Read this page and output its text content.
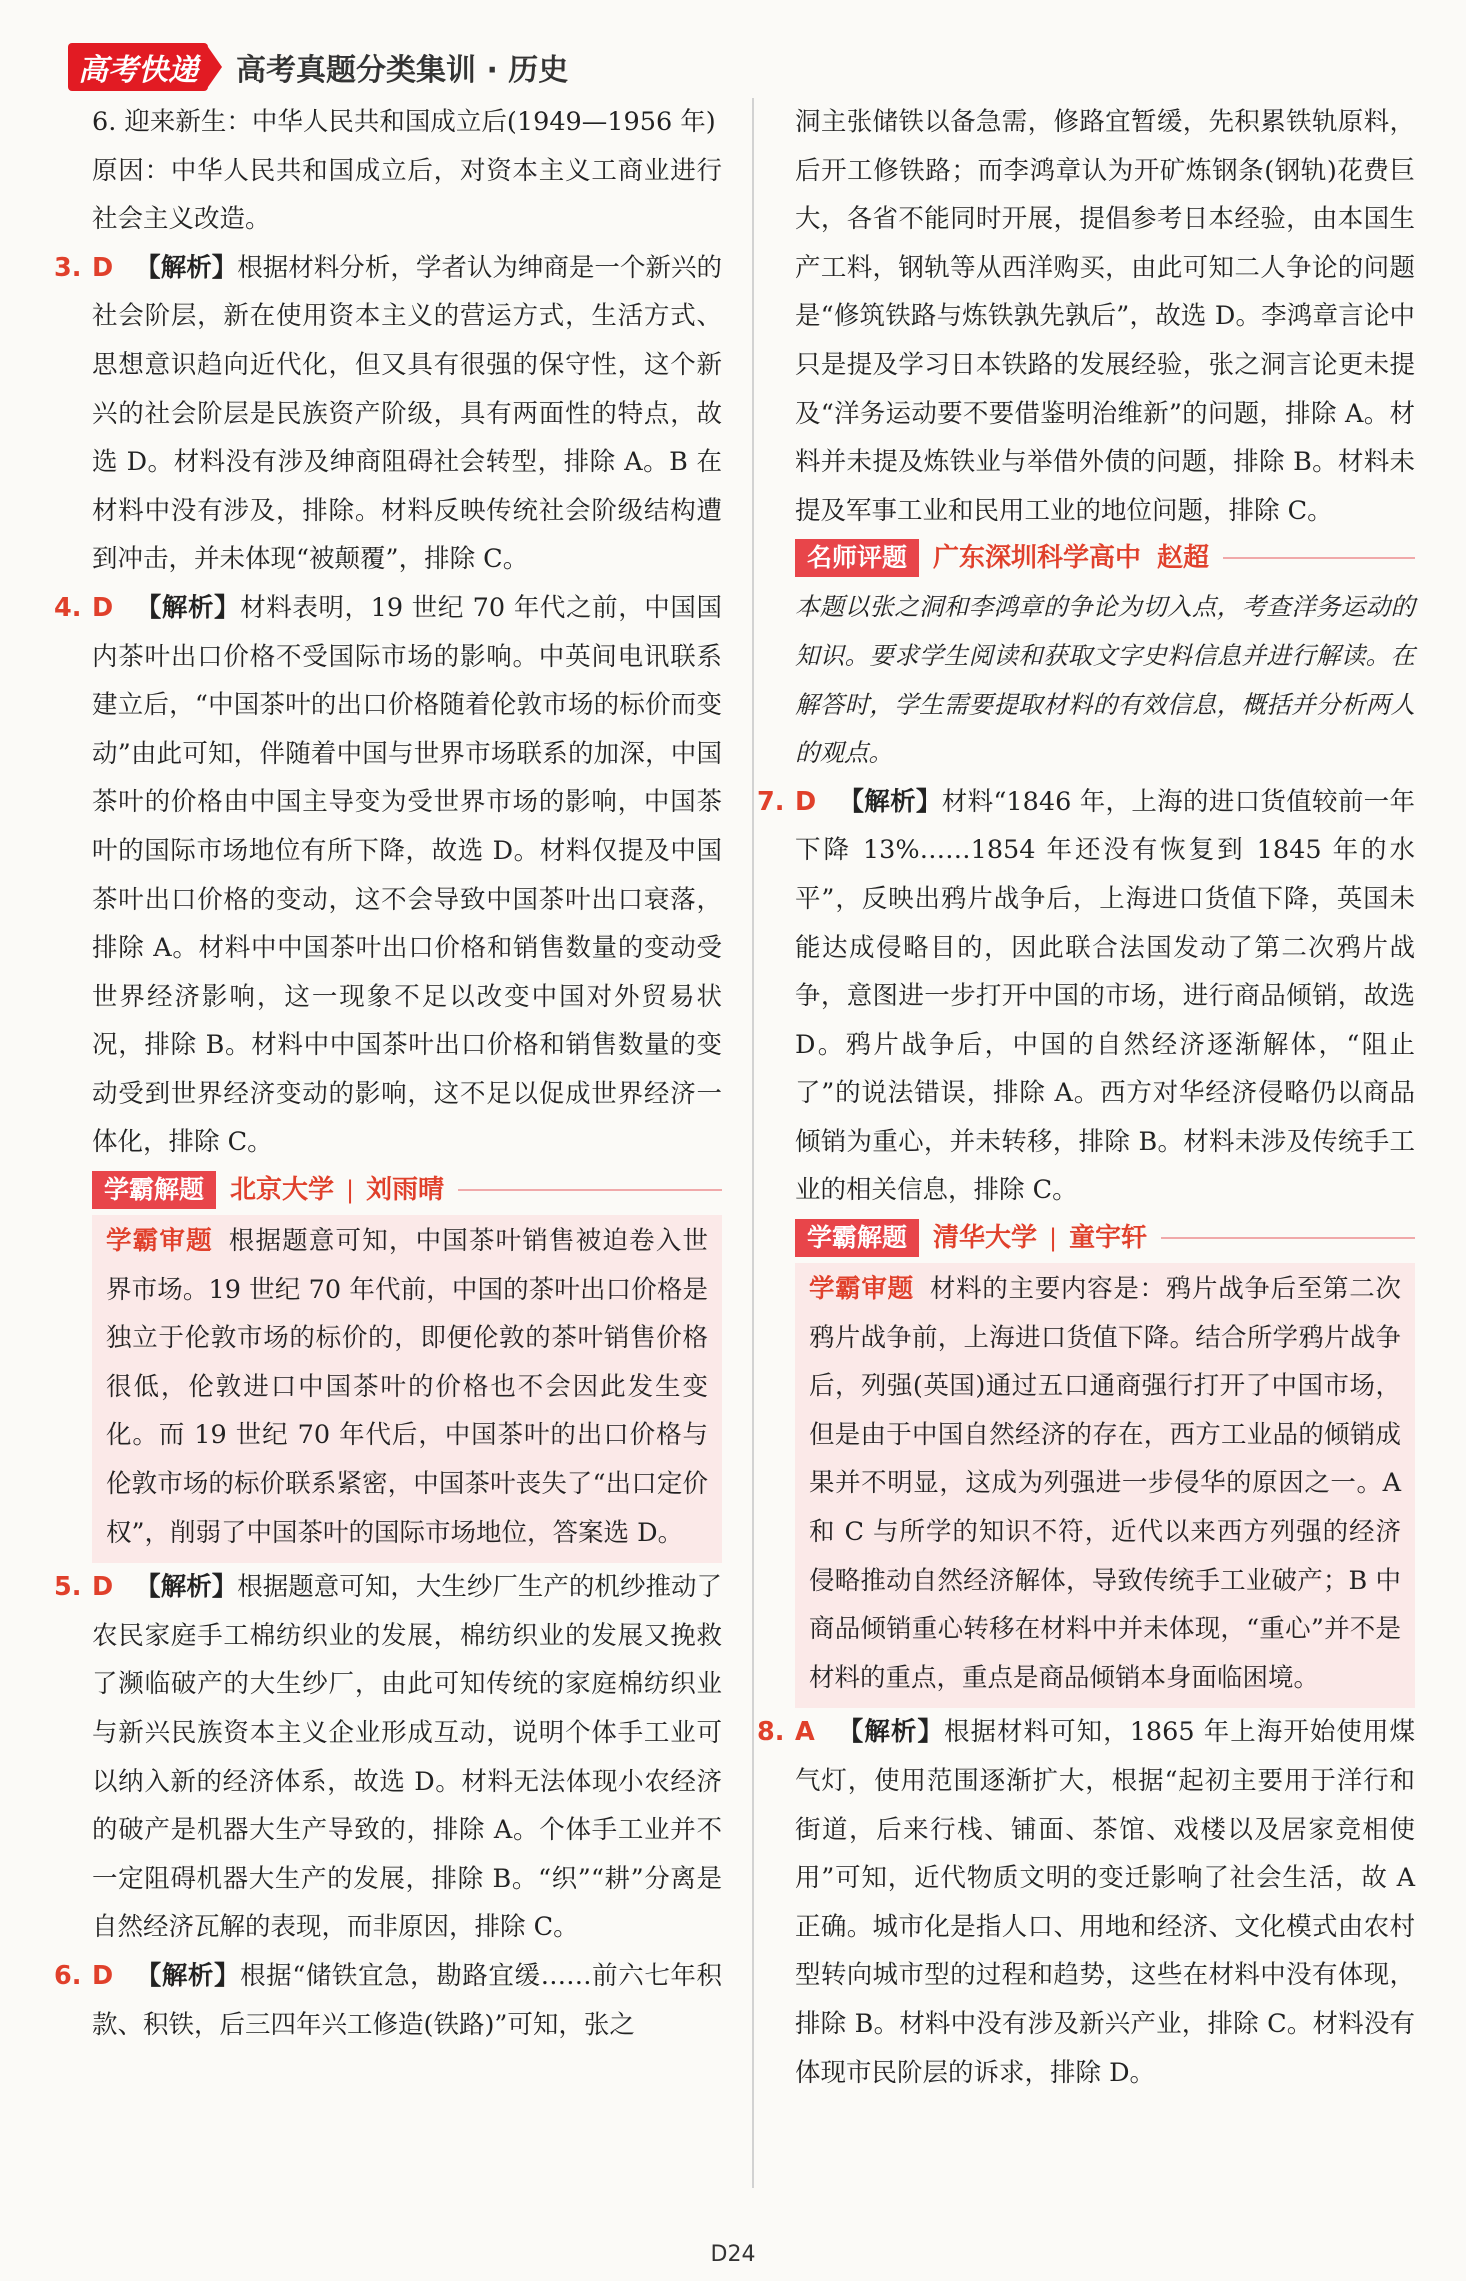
高考快递	高考真题分类集训 · 历史

6. 迎来新生：中华人民共和国成立后(1949—1956 年)

原因：中华人民共和国成立后，对资本主义工商业进行社会主义改造。

3. D 【解析】根据材料分析，学者认为绅商是一个新兴的社会阶层，新在使用资本主义的营运方式，生活方式、思想意识趋向近代化，但又具有很强的保守性，这个新兴的社会阶层是民族资产阶级，具有两面性的特点，故选 D。材料没有涉及绅商阻碍社会转型，排除 A。B 在材料中没有涉及，排除。材料反映传统社会阶级结构遭到冲击，并未体现“被颠覆”，排除 C。

4. D 【解析】材料表明，19 世纪 70 年代之前，中国国内茶叶出口价格不受国际市场的影响。中英间电讯联系建立后，“中国茶叶的出口价格随着伦敦市场的标价而变动”由此可知，伴随着中国与世界市场联系的加深，中国茶叶的价格由中国主导变为受世界市场的影响，中国茶叶的国际市场地位有所下降，故选 D。材料仅提及中国茶叶出口价格的变动，这不会导致中国茶叶出口衰落，排除 A。材料中中国茶叶出口价格和销售数量的变动受世界经济影响，这一现象不足以改变中国对外贸易状况，排除 B。材料中中国茶叶出口价格和销售数量的变动受到世界经济变动的影响，这不足以促成世界经济一体化，排除 C。

学霸解题	北京大学 | 刘雨晴

学霸审题 根据题意可知，中国茶叶销售被迫卷入世界市场。19 世纪 70 年代前，中国的茶叶出口价格是独立于伦敦市场的标价的，即便伦敦的茶叶销售价格很低，伦敦进口中国茶叶的价格也不会因此发生变化。而 19 世纪 70 年代后，中国茶叶的出口价格与伦敦市场的标价联系紧密，中国茶叶丧失了“出口定价权”，削弱了中国茶叶的国际市场地位，答案选 D。

5. D 【解析】根据题意可知，大生纱厂生产的机纱推动了农民家庭手工棉纺织业的发展，棉纺织业的发展又挽救了濒临破产的大生纱厂，由此可知传统的家庭棉纺织业与新兴民族资本主义企业形成互动，说明个体手工业可以纳入新的经济体系，故选 D。材料无法体现小农经济的破产是机器大生产导致的，排除 A。个体手工业并不一定阻碍机器大生产的发展，排除 B。“织”“耕”分离是自然经济瓦解的表现，而非原因，排除 C。

6. D 【解析】根据“储铁宜急，勘路宜缓……前六七年积款、积铁，后三四年兴工修造(铁路)”可知，张之

洞主张储铁以备急需，修路宜暂缓，先积累铁轨原料，后开工修铁路；而李鸿章认为开矿炼钢条(钢轨)花费巨大，各省不能同时开展，提倡参考日本经验，由本国生产工料，钢轨等从西洋购买，由此可知二人争论的问题是“修筑铁路与炼铁孰先孰后”，故选 D。李鸿章言论中只是提及学习日本铁路的发展经验，张之洞言论更未提及“洋务运动要不要借鉴明治维新”的问题，排除 A。材料并未提及炼铁业与举借外债的问题，排除 B。材料未提及军事工业和民用工业的地位问题，排除 C。

名师评题	广东深圳科学高中 赵超

本题以张之洞和李鸿章的争论为切入点，考查洋务运动的知识。要求学生阅读和获取文字史料信息并进行解读。在解答时，学生需要提取材料的有效信息，概括并分析两人的观点。

7. D 【解析】材料“1846 年，上海的进口货值较前一年下降 13%……1854 年还没有恢复到 1845 年的水平”，反映出鸦片战争后，上海进口货值下降，英国未能达成侵略目的，因此联合法国发动了第二次鸦片战争，意图进一步打开中国的市场，进行商品倾销，故选 D。鸦片战争后，中国的自然经济逐渐解体，“阻止了”的说法错误，排除 A。西方对华经济侵略仍以商品倾销为重心，并未转移，排除 B。材料未涉及传统手工业的相关信息，排除 C。

学霸解题	清华大学 | 童宇轩

学霸审题 材料的主要内容是：鸦片战争后至第二次鸦片战争前，上海进口货值下降。结合所学鸦片战争后，列强(英国)通过五口通商强行打开了中国市场，但是由于中国自然经济的存在，西方工业品的倾销成果并不明显，这成为列强进一步侵华的原因之一。A 和 C 与所学的知识不符，近代以来西方列强的经济侵略推动自然经济解体，导致传统手工业破产；B 中商品倾销重心转移在材料中并未体现，“重心”并不是材料的重点，重点是商品倾销本身面临困境。

8. A 【解析】根据材料可知，1865 年上海开始使用煤气灯，使用范围逐渐扩大，根据“起初主要用于洋行和街道，后来行栈、铺面、茶馆、戏楼以及居家竞相使用”可知，近代物质文明的变迁影响了社会生活，故 A 正确。城市化是指人口、用地和经济、文化模式由农村型转向城市型的过程和趋势，这些在材料中没有体现，排除 B。材料中没有涉及新兴产业，排除 C。材料没有体现市民阶层的诉求，排除 D。

D24
